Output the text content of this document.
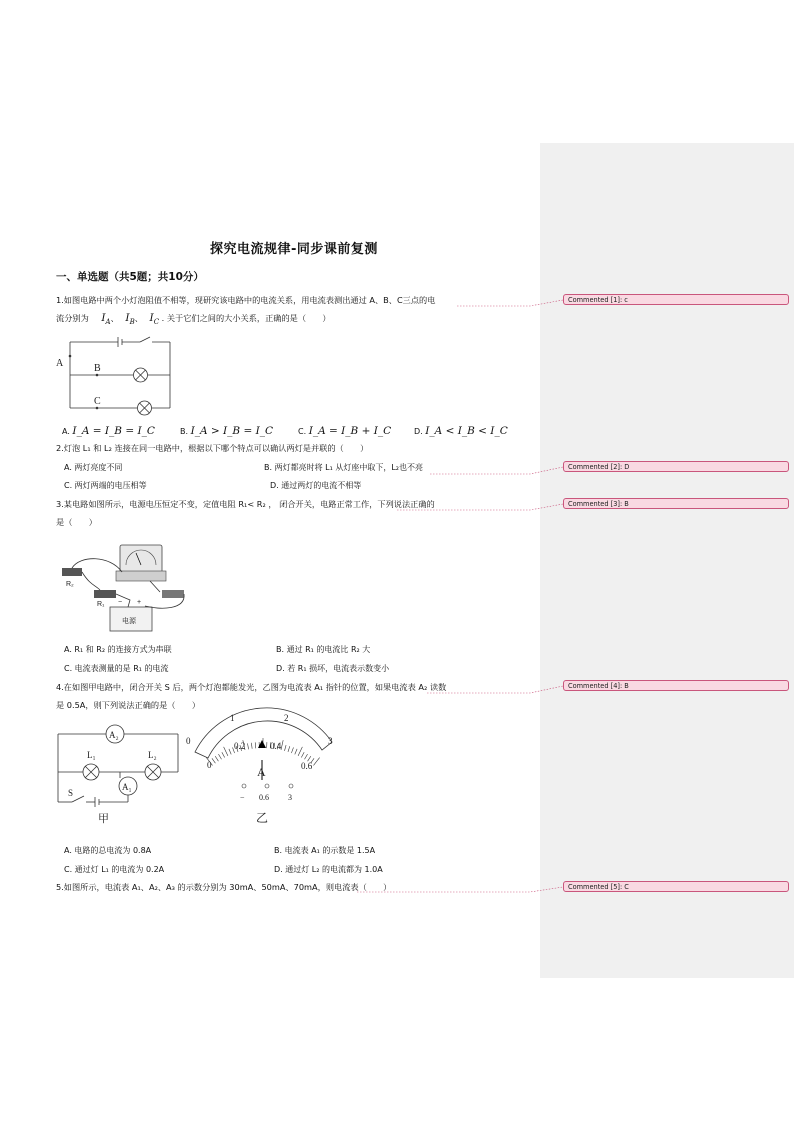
Commented [1]: c
Commented [2]: D
Commented [3]: B
Commented [4]: B
Commented [5]: C
探究电流规律-同步课前复测
一、单选题（共5题；共10分）
1.如图电路中两个小灯泡阻值不相等，现研究该电路中的电流关系，用电流表测出通过 A、B、C三点的电
流分别为 $I_A$、 $I_B$、 $I_C$ . 关于它们之间的大小关系，正确的是（　　）
A	B
C
A. I_A = I_B = I_C	B. I_A > I_B = I_C	C. I_A = I_B + I_C	D. I_A < I_B < I_C
2.灯泡 L₁ 和 L₂ 连接在同一电路中，根据以下哪个特点可以确认两灯是并联的（　　）
A. 两灯亮度不同	B. 两灯都亮时将 L₁ 从灯座中取下，L₂也不亮
C. 两灯两端的电压相等	D. 通过两灯的电流不相等
3.某电路如图所示，电源电压恒定不变，定值电阻 R₁< R₂ ， 闭合开关，电路正常工作，下列说法正确的
是（　　）
R₂
R₁ − +
电源
A. R₁ 和 R₂ 的连接方式为串联	B. 通过 R₁ 的电流比 R₂ 大
C. 电流表测量的是 R₁ 的电流	D. 若 R₁ 损坏，电流表示数变小
4.在如图甲电路中，闭合开关 S 后，两个灯泡都能发光，乙图为电流表 A₁ 指针的位置，如果电流表 A₂ 读数
是 0.5A，则下列说法正确的是（　　）
A₂
A₁
L₁	L₂
S
甲
0
1	2
3
0
0.2	0.4
0.6
A
− 0.6 3
乙
A. 电路的总电流为 0.8A	B. 电流表 A₁ 的示数是 1.5A
C. 通过灯 L₁ 的电流为 0.2A	D. 通过灯 L₂ 的电流都为 1.0A
5.如图所示，电流表 A₁、A₂、A₃ 的示数分别为 30mA、50mA、70mA，则电流表（　　）
